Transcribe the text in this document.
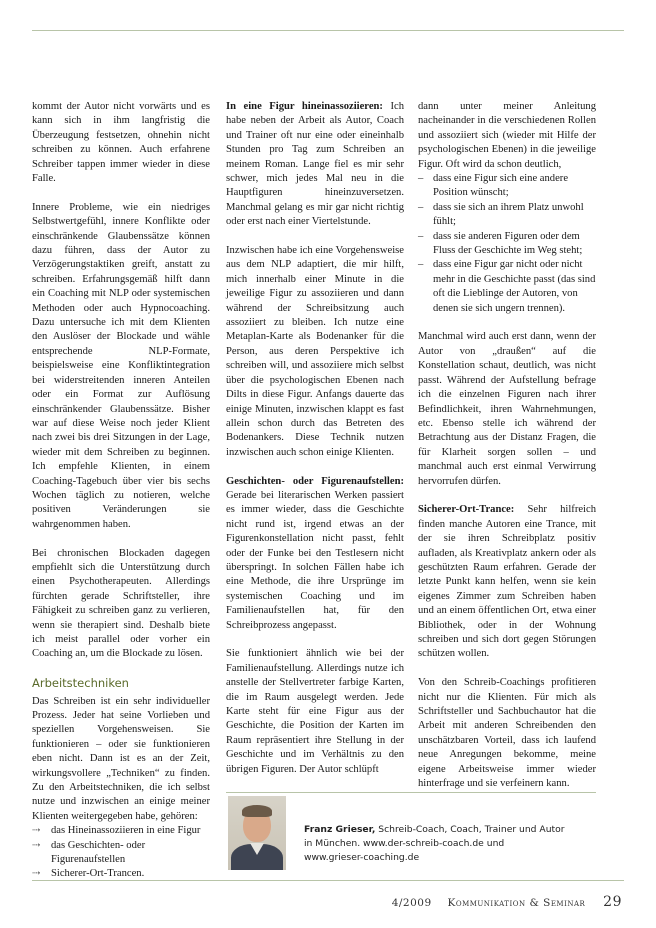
kommt der Autor nicht vorwärts und es kann sich in ihm langfristig die Überzeugung festsetzen, ohnehin nicht schreiben zu können. Auch erfahrene Schreiber tappen immer wieder in diese Falle.

Innere Probleme, wie ein niedriges Selbstwertgefühl, innere Konflikte oder einschränkende Glaubenssätze können dazu führen, dass der Autor zu Verzögerungstaktiken greift, anstatt zu schreiben. Erfahrungsgemäß hilft dann ein Coaching mit NLP oder systemischen Methoden oder auch Hypnocoaching. Dazu untersuche ich mit dem Klienten den Auslöser der Blockade und wähle entsprechende NLP-Formate, beispielsweise eine Konfliktintegration bei widerstreitenden inneren Anteilen oder ein Format zur Auflösung einschränkender Glaubenssätze. Bisher war auf diese Weise noch jeder Klient nach zwei bis drei Sitzungen in der Lage, wieder mit dem Schreiben zu beginnen. Ich empfehle Klienten, in einem Coaching-Tagebuch über vier bis sechs Wochen täglich zu notieren, welche positiven Veränderungen sie wahrgenommen haben.

Bei chronischen Blockaden dagegen empfiehlt sich die Unterstützung durch einen Psychotherapeuten. Allerdings fürchten gerade Schriftsteller, ihre Fähigkeit zu schreiben ganz zu verlieren, wenn sie therapiert sind. Deshalb biete ich meist parallel oder vorher ein Coaching an, um die Blockade zu lösen.

Arbeitstechniken

Das Schreiben ist ein sehr individueller Prozess. Jeder hat seine Vorlieben und speziellen Vorgehensweisen. Sie funktionieren – oder sie funktionieren eben nicht. Dann ist es an der Zeit, wirkungsvollere „Techniken“ zu finden. Zu den Arbeitstechniken, die ich selbst nutze und inzwischen an einige meiner Klienten weitergegeben habe, gehören:

⇢ das Hineinassoziieren in eine Figur
⇢ das Geschichten- oder Figurenaufstellen
⇢ Sicherer-Ort-Trancen.

In eine Figur hineinassoziieren: Ich habe neben der Arbeit als Autor, Coach und Trainer oft nur eine oder eineinhalb Stunden pro Tag zum Schreiben an meinem Roman. Lange fiel es mir sehr schwer, mich jedes Mal neu in die Hauptfiguren hineinzuversetzen. Manchmal gelang es mir gar nicht richtig oder erst nach einer Viertelstunde.

Inzwischen habe ich eine Vorgehensweise aus dem NLP adaptiert, die mir hilft, mich innerhalb einer Minute in die jeweilige Figur zu assoziieren und dann während der Schreibsitzung auch assoziiert zu bleiben. Ich nutze eine Metaplan-Karte als Bodenanker für die Person, aus deren Perspektive ich schreiben will, und assoziiere mich selbst über die psychologischen Ebenen nach Dilts in diese Figur. Anfangs dauerte das einige Minuten, inzwischen klappt es fast allein schon durch das Betreten des Bodenankers. Diese Technik nutzen inzwischen auch schon einige Klienten.

Geschichten- oder Figurenaufstellen: Gerade bei literarischen Werken passiert es immer wieder, dass die Geschichte nicht rund ist, irgend etwas an der Figurenkonstellation nicht passt, fehlt oder der Funke bei den Testlesern nicht überspringt. In solchen Fällen habe ich eine Methode, die ihre Ursprünge im systemischen Coaching und im Familienaufstellen hat, für den Schreibprozess angepasst.

Sie funktioniert ähnlich wie bei der Familienaufstellung. Allerdings nutze ich anstelle der Stellvertreter farbige Karten, die im Raum ausgelegt werden. Jede Karte steht für eine Figur aus der Geschichte, die Position der Karten im Raum repräsentiert ihre Stellung in der Geschichte und im Verhältnis zu den übrigen Figuren. Der Autor schlüpft

dann unter meiner Anleitung nacheinander in die verschiedenen Rollen und assoziiert sich (wieder mit Hilfe der psychologischen Ebenen) in die jeweilige Figur. Oft wird da schon deutlich,

– dass eine Figur sich eine andere Position wünscht;
– dass sie sich an ihrem Platz unwohl fühlt;
– dass sie anderen Figuren oder dem Fluss der Geschichte im Weg steht;
– dass eine Figur gar nicht oder nicht mehr in die Geschichte passt (das sind oft die Lieblinge der Autoren, von denen sie sich ungern trennen).

Manchmal wird auch erst dann, wenn der Autor von „draußen“ auf die Konstellation schaut, deutlich, was nicht passt. Während der Aufstellung befrage ich die einzelnen Figuren nach ihrer Befindlichkeit, ihren Wahrnehmungen, etc. Ebenso stelle ich während der Betrachtung aus der Distanz Fragen, die für Klarheit sorgen sollen – und manchmal auch erst einmal Verwirrung hervorrufen dürfen.

Sicherer-Ort-Trance: Sehr hilfreich finden manche Autoren eine Trance, mit der sie ihren Schreibplatz positiv aufladen, als Kreativplatz ankern oder als geschützten Raum erfahren. Gerade der letzte Punkt kann helfen, wenn sie kein eigenes Zimmer zum Schreiben haben und an einem öffentlichen Ort, etwa einer Bibliothek, oder in der Wohnung schreiben und sich dort gegen Störungen schützen wollen.

Von den Schreib-Coachings profitieren nicht nur die Klienten. Für mich als Schriftsteller und Sachbuchautor hat die Arbeit mit anderen Schreibenden den unschätzbaren Vorteil, dass ich laufend neue Anregungen bekomme, meine eigene Arbeitsweise immer wieder hinterfrage und sie verfeinern kann.

Franz Grieser, Schreib-Coach, Coach, Trainer und Autor
in München. www.der-schreib-coach.de und
www.grieser-coaching.de
4/2009 Kommunikation & Seminar 29
